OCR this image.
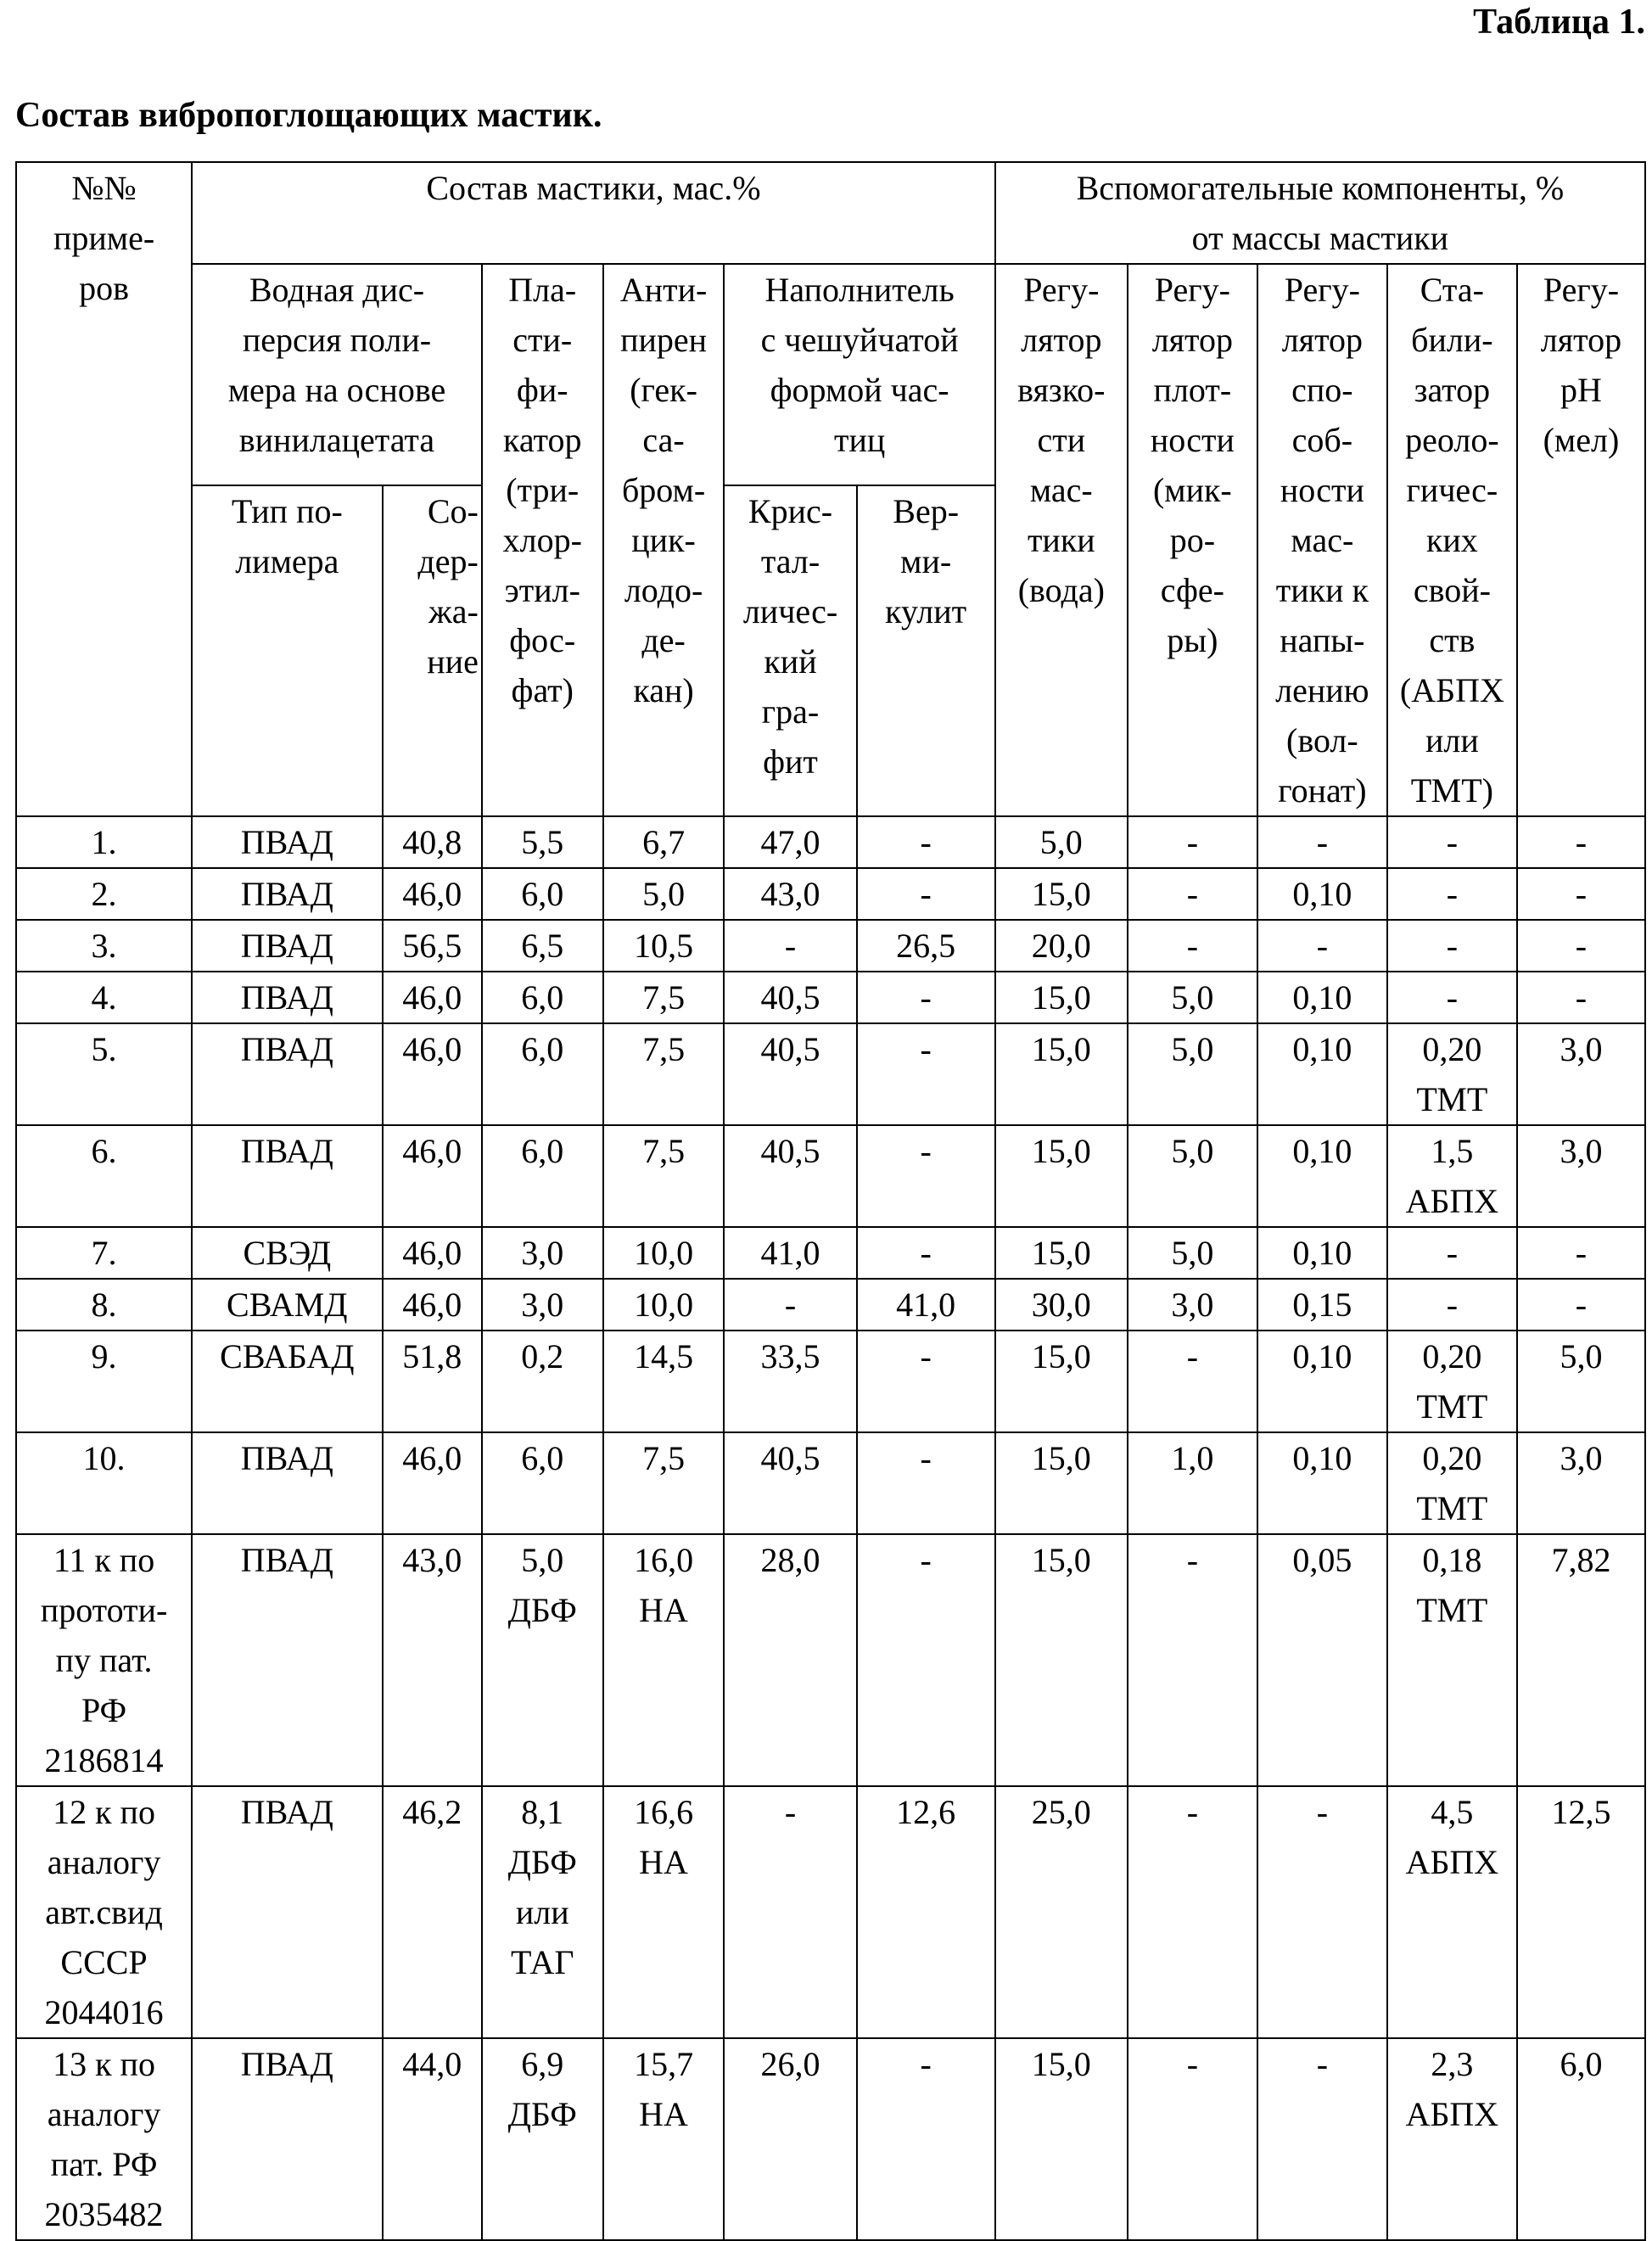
Таблица 1.
Состав вибропоглощающих мастик.
№№
приме-
ров	Состав мастики, мас.%	Вспомогательные компоненты, %
от массы мастики
Водная дис-
персия поли-
мера на основе
винилацетата	Пла-
сти-
фи-
катор
(три-
хлор-
этил-
фос-
фат)	Анти-
пирен
(гек-
са-
бром-
цик-
лодо-
де-
кан)	Наполнитель
с чешуйчатой
формой час-
тиц	Регу-
лятор
вязко-
сти
мас-
тики
(вода)	Регу-
лятор
плот-
ности
(мик-
ро-
сфе-
ры)	Регу-
лятор
спо-
соб-
ности
мас-
тики к
напы-
лению
(вол-
гонат)	Ста-
били-
затор
реоло-
гичес-
ких
свой-
ств
(АБПХ
или
ТМТ)	Регу-
лятор
рН
(мел)
Тип по-
лимера	Со-
дер-
жа-
ние	Крис-
тал-
личес-
кий
гра-
фит	Вер-
ми-
кулит
1.	ПВАД	40,8	5,5	6,7	47,0	-	5,0	-	-	-	-
2.	ПВАД	46,0	6,0	5,0	43,0	-	15,0	-	0,10	-	-
3.	ПВАД	56,5	6,5	10,5	-	26,5	20,0	-	-	-	-
4.	ПВАД	46,0	6,0	7,5	40,5	-	15,0	5,0	0,10	-	-
5.	ПВАД	46,0	6,0	7,5	40,5	-	15,0	5,0	0,10	0,20
ТМТ	3,0
6.	ПВАД	46,0	6,0	7,5	40,5	-	15,0	5,0	0,10	1,5
АБПХ	3,0
7.	СВЭД	46,0	3,0	10,0	41,0	-	15,0	5,0	0,10	-	-
8.	СВАМД	46,0	3,0	10,0	-	41,0	30,0	3,0	0,15	-	-
9.	СВАБАД	51,8	0,2	14,5	33,5	-	15,0	-	0,10	0,20
ТМТ	5,0
10.	ПВАД	46,0	6,0	7,5	40,5	-	15,0	1,0	0,10	0,20
ТМТ	3,0
11 к по
прототи-
пу пат.
РФ
2186814	ПВАД	43,0	5,0
ДБФ	16,0
НА	28,0	-	15,0	-	0,05	0,18
ТМТ	7,82
12 к по
аналогу
авт.свид
СССР
2044016	ПВАД	46,2	8,1
ДБФ
или
ТАГ	16,6
НА	-	12,6	25,0	-	-	4,5
АБПХ	12,5
13 к по
аналогу
пат. РФ
2035482	ПВАД	44,0	6,9
ДБФ	15,7
НА	26,0	-	15,0	-	-	2,3
АБПХ	6,0
